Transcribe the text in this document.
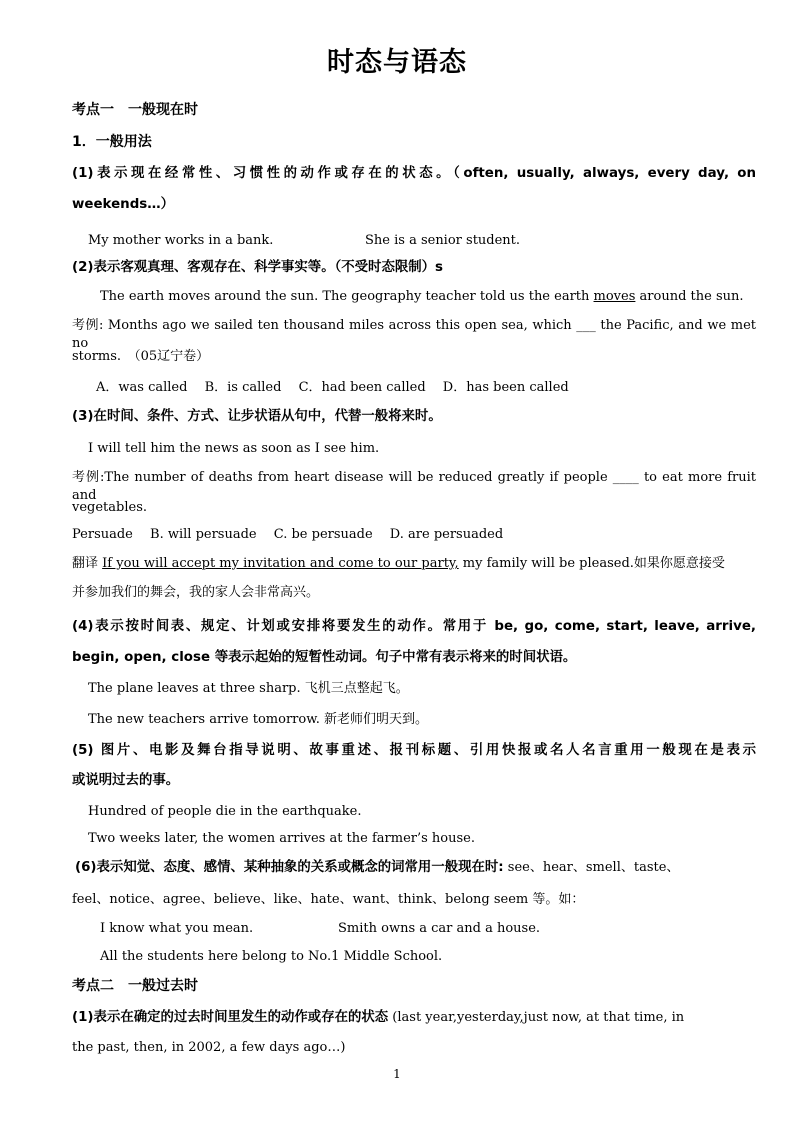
时态与语态
考点一　一般现在时
1．一般用法
(1)表示现在经常性、习惯性的动作或存在的状态。（often, usually, always, every day, on
weekends…）
My mother works in a bank.	She is a senior student.
(2)表示客观真理、客观存在、科学事实等。（不受时态限制）s
The earth moves around the sun. The geography teacher told us the earth moves around the sun.
考例: Months ago we sailed ten thousand miles across this open sea, which ___ the Pacific, and we met no
storms.　（05辽宁卷）
A．was called　 B．is called　 C．had been called　 D．has been called
(3)在时间、条件、方式、让步状语从句中，代替一般将来时。
I will tell him the news as soon as I see him.
考例:The number of deaths from heart disease will be reduced greatly if people ____ to eat more fruit and
vegetables.
Persuade　 B. will persuade　 C. be persuade　 D. are persuaded
翻译 If you will accept my invitation and come to our party, my family will be pleased.如果你愿意接受
并参加我们的舞会，我的家人会非常高兴。
(4)表示按时间表、规定、计划或安排将要发生的动作。常用于 be, go, come, start, leave, arrive,
begin, open, close 等表示起始的短暂性动词。句子中常有表示将来的时间状语。
The plane leaves at three sharp. 飞机三点整起飞。
The new teachers arrive tomorrow. 新老师们明天到。
(5) 图片、电影及舞台指导说明、故事重述、报刊标题、引用快报或名人名言重用一般现在是表示
或说明过去的事。
Hundred of people die in the earthquake.
Two weeks later, the women arrives at the farmer’s house.
(6)表示知觉、态度、感情、某种抽象的关系或概念的词常用一般现在时: see、hear、smell、taste、
feel、notice、agree、believe、like、hate、want、think、belong seem 等。如：
I know what you mean.	Smith owns a car and a house.
All the students here belong to No.1 Middle School.
考点二　一般过去时
(1)表示在确定的过去时间里发生的动作或存在的状态 (last year,yesterday,just now, at that time, in
the past, then, in 2002, a few days ago…)
1
